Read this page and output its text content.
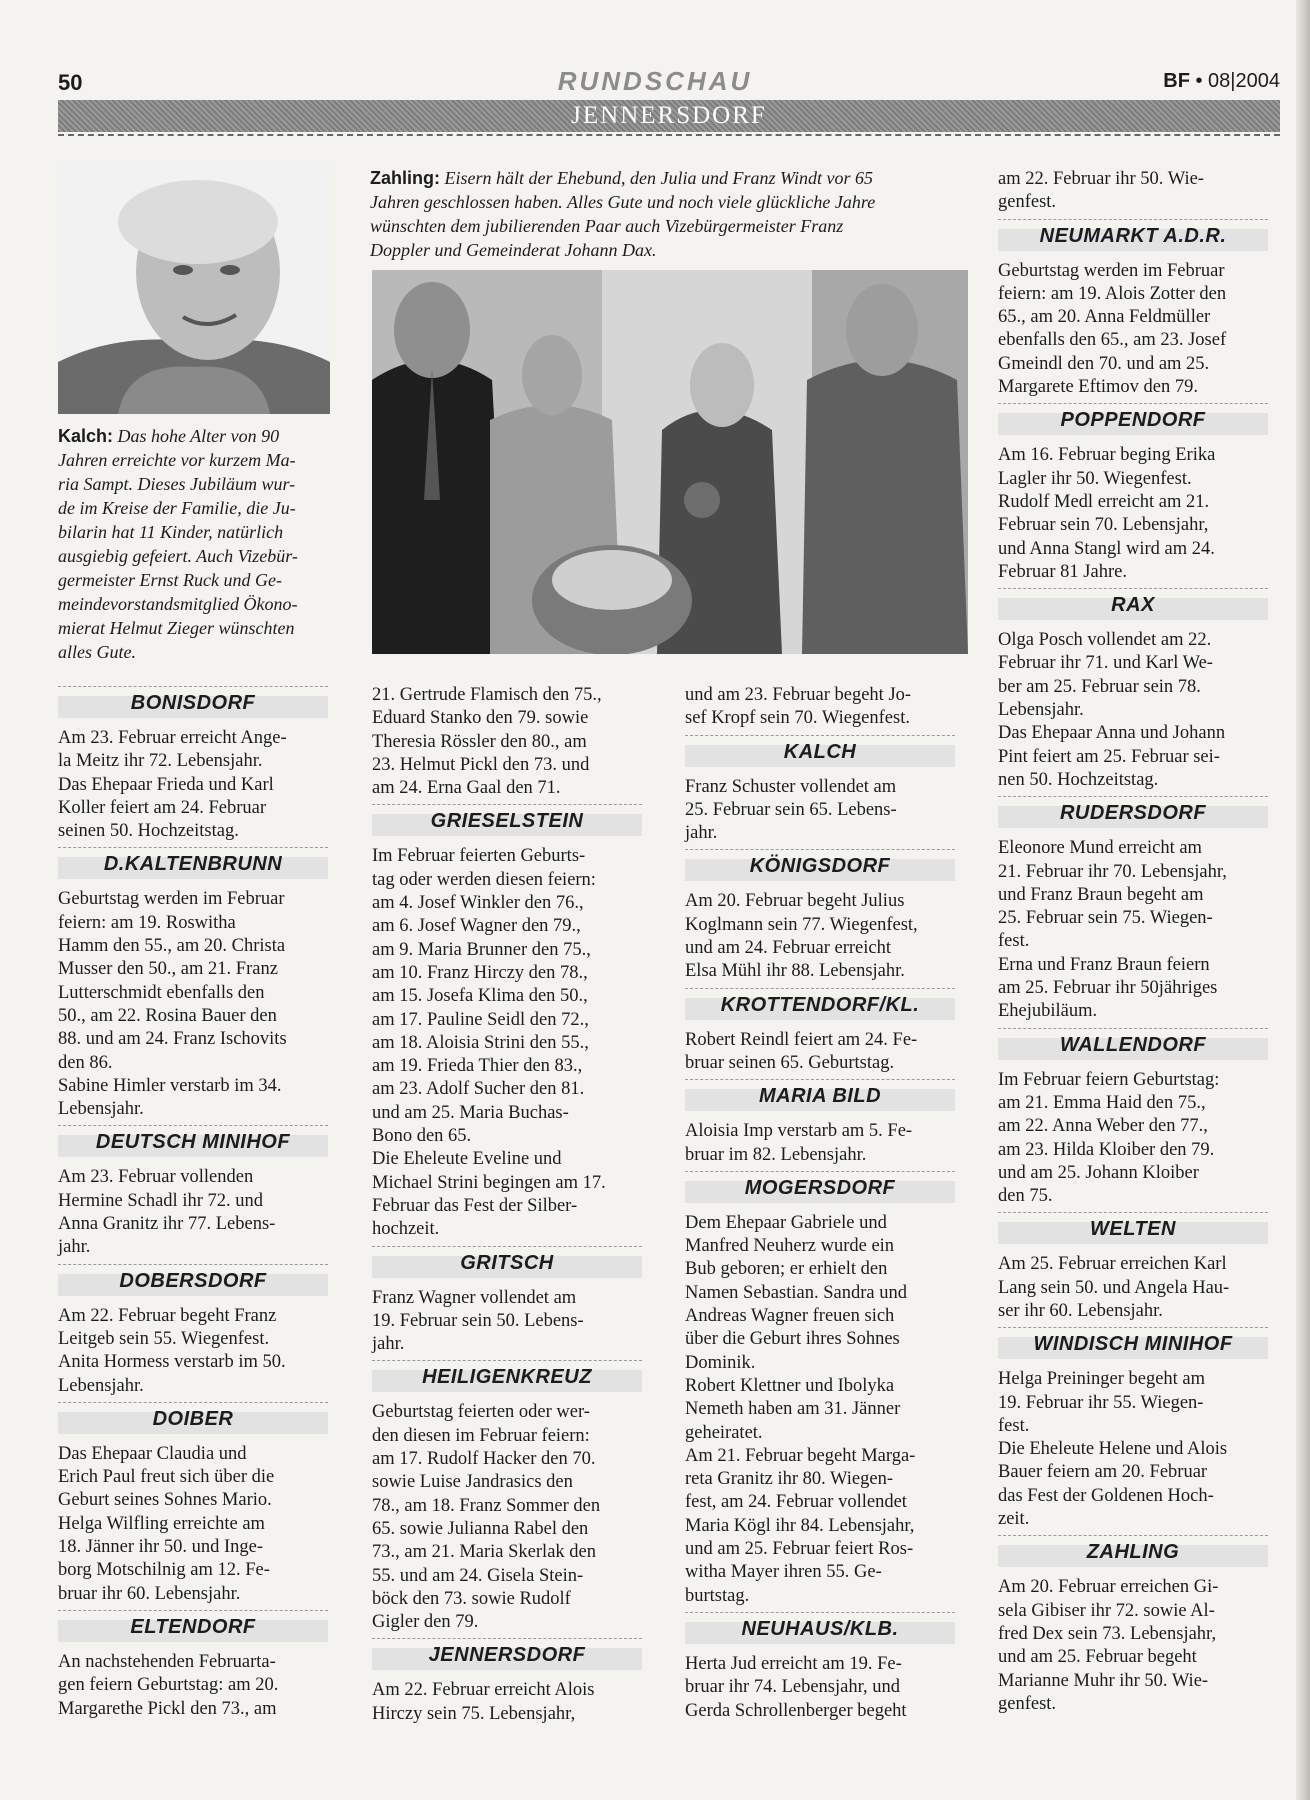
50	RUNDSCHAU	BF • 08|2004
JENNERSDORF
Kalch: Das hohe Alter von 90
Jahren erreichte vor kurzem Ma-
ria Sampt. Dieses Jubiläum wur-
de im Kreise der Familie, die Ju-
bilarin hat 11 Kinder, natürlich
ausgiebig gefeiert. Auch Vizebür-
germeister Ernst Ruck und Ge-
meindevorstandsmitglied Ökono-
mierat Helmut Zieger wünschten
alles Gute.
Zahling: Eisern hält der Ehebund, den Julia und Franz Windt vor 65
Jahren geschlossen haben. Alles Gute und noch viele glückliche Jahre
wünschten dem jubilierenden Paar auch Vizebürgermeister Franz
Doppler und Gemeinderat Johann Dax.
BONISDORF
Am 23. Februar erreicht Ange-
la Meitz ihr 72. Lebensjahr.
Das Ehepaar Frieda und Karl
Koller feiert am 24. Februar
seinen 50. Hochzeitstag.
D.KALTENBRUNN
Geburtstag werden im Februar
feiern: am 19. Roswitha
Hamm den 55., am 20. Christa
Musser den 50., am 21. Franz
Lutterschmidt ebenfalls den
50., am 22. Rosina Bauer den
88. und am 24. Franz Ischovits
den 86.
Sabine Himler verstarb im 34.
Lebensjahr.
DEUTSCH MINIHOF
Am 23. Februar vollenden
Hermine Schadl ihr 72. und
Anna Granitz ihr 77. Lebens-
jahr.
DOBERSDORF
Am 22. Februar begeht Franz
Leitgeb sein 55. Wiegenfest.
Anita Hormess verstarb im 50.
Lebensjahr.
DOIBER
Das Ehepaar Claudia und
Erich Paul freut sich über die
Geburt seines Sohnes Mario.
Helga Wilfling erreichte am
18. Jänner ihr 50. und Inge-
borg Motschilnig am 12. Fe-
bruar ihr 60. Lebensjahr.
ELTENDORF
An nachstehenden Februarta-
gen feiern Geburtstag: am 20.
Margarethe Pickl den 73., am
21. Gertrude Flamisch den 75.,
Eduard Stanko den 79. sowie
Theresia Rössler den 80., am
23. Helmut Pickl den 73. und
am 24. Erna Gaal den 71.
GRIESELSTEIN
Im Februar feierten Geburts-
tag oder werden diesen feiern:
am 4. Josef Winkler den 76.,
am 6. Josef Wagner den 79.,
am 9. Maria Brunner den 75.,
am 10. Franz Hirczy den 78.,
am 15. Josefa Klima den 50.,
am 17. Pauline Seidl den 72.,
am 18. Aloisia Strini den 55.,
am 19. Frieda Thier den 83.,
am 23. Adolf Sucher den 81.
und am 25. Maria Buchas-
Bono den 65.
Die Eheleute Eveline und
Michael Strini begingen am 17.
Februar das Fest der Silber-
hochzeit.
GRITSCH
Franz Wagner vollendet am
19. Februar sein 50. Lebens-
jahr.
HEILIGENKREUZ
Geburtstag feierten oder wer-
den diesen im Februar feiern:
am 17. Rudolf Hacker den 70.
sowie Luise Jandrasics den
78., am 18. Franz Sommer den
65. sowie Julianna Rabel den
73., am 21. Maria Skerlak den
55. und am 24. Gisela Stein-
böck den 73. sowie Rudolf
Gigler den 79.
JENNERSDORF
Am 22. Februar erreicht Alois
Hirczy sein 75. Lebensjahr,
und am 23. Februar begeht Jo-
sef Kropf sein 70. Wiegenfest.
KALCH
Franz Schuster vollendet am
25. Februar sein 65. Lebens-
jahr.
KÖNIGSDORF
Am 20. Februar begeht Julius
Koglmann sein 77. Wiegenfest,
und am 24. Februar erreicht
Elsa Mühl ihr 88. Lebensjahr.
KROTTENDORF/KL.
Robert Reindl feiert am 24. Fe-
bruar seinen 65. Geburtstag.
MARIA BILD
Aloisia Imp verstarb am 5. Fe-
bruar im 82. Lebensjahr.
MOGERSDORF
Dem Ehepaar Gabriele und
Manfred Neuherz wurde ein
Bub geboren; er erhielt den
Namen Sebastian. Sandra und
Andreas Wagner freuen sich
über die Geburt ihres Sohnes
Dominik.
Robert Klettner und Ibolyka
Nemeth haben am 31. Jänner
geheiratet.
Am 21. Februar begeht Marga-
reta Granitz ihr 80. Wiegen-
fest, am 24. Februar vollendet
Maria Kögl ihr 84. Lebensjahr,
und am 25. Februar feiert Ros-
witha Mayer ihren 55. Ge-
burtstag.
NEUHAUS/KLB.
Herta Jud erreicht am 19. Fe-
bruar ihr 74. Lebensjahr, und
Gerda Schrollenberger begeht
am 22. Februar ihr 50. Wie-
genfest.
NEUMARKT A.D.R.
Geburtstag werden im Februar
feiern: am 19. Alois Zotter den
65., am 20. Anna Feldmüller
ebenfalls den 65., am 23. Josef
Gmeindl den 70. und am 25.
Margarete Eftimov den 79.
POPPENDORF
Am 16. Februar beging Erika
Lagler ihr 50. Wiegenfest.
Rudolf Medl erreicht am 21.
Februar sein 70. Lebensjahr,
und Anna Stangl wird am 24.
Februar 81 Jahre.
RAX
Olga Posch vollendet am 22.
Februar ihr 71. und Karl We-
ber am 25. Februar sein 78.
Lebensjahr.
Das Ehepaar Anna und Johann
Pint feiert am 25. Februar sei-
nen 50. Hochzeitstag.
RUDERSDORF
Eleonore Mund erreicht am
21. Februar ihr 70. Lebensjahr,
und Franz Braun begeht am
25. Februar sein 75. Wiegen-
fest.
Erna und Franz Braun feiern
am 25. Februar ihr 50jähriges
Ehejubiläum.
WALLENDORF
Im Februar feiern Geburtstag:
am 21. Emma Haid den 75.,
am 22. Anna Weber den 77.,
am 23. Hilda Kloiber den 79.
und am 25. Johann Kloiber
den 75.
WELTEN
Am 25. Februar erreichen Karl
Lang sein 50. und Angela Hau-
ser ihr 60. Lebensjahr.
WINDISCH MINIHOF
Helga Preininger begeht am
19. Februar ihr 55. Wiegen-
fest.
Die Eheleute Helene und Alois
Bauer feiern am 20. Februar
das Fest der Goldenen Hoch-
zeit.
ZAHLING
Am 20. Februar erreichen Gi-
sela Gibiser ihr 72. sowie Al-
fred Dex sein 73. Lebensjahr,
und am 25. Februar begeht
Marianne Muhr ihr 50. Wie-
genfest.
